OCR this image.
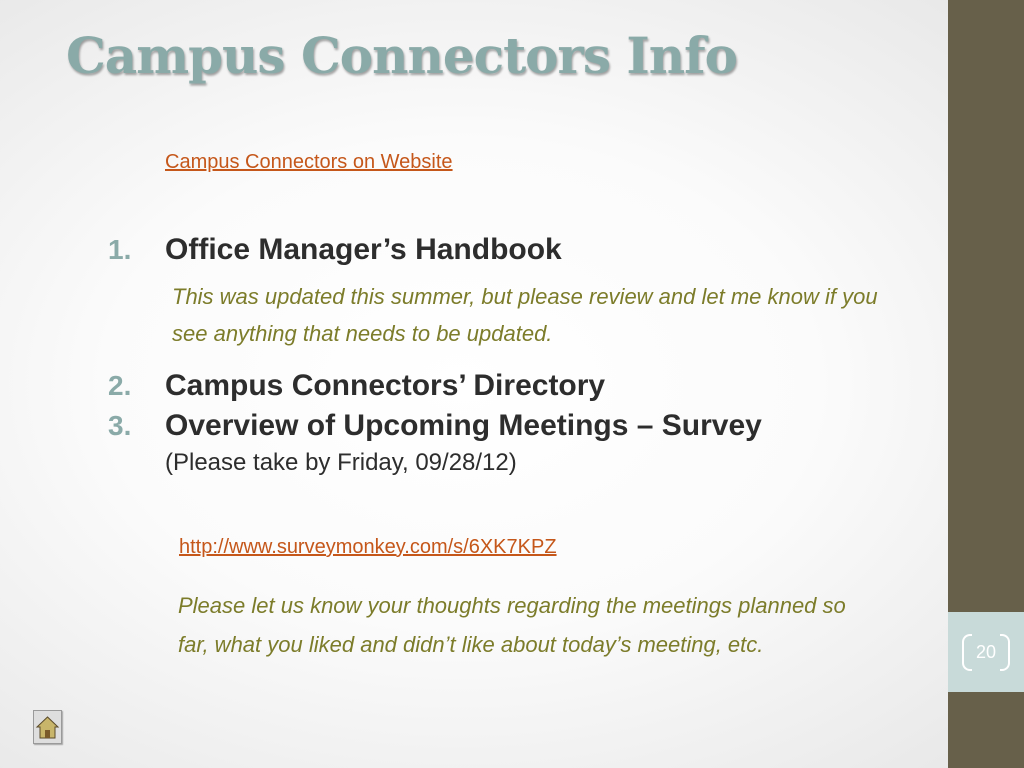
Campus Connectors Info
Campus Connectors on Website
1.	Office Manager’s Handbook
This was updated this summer, but please review and let me know if you see anything that needs to be updated.
2.	Campus Connectors’ Directory
3.	Overview of Upcoming Meetings – Survey
(Please take by Friday, 09/28/12)
http://www.surveymonkey.com/s/6XK7KPZ
Please let us know your thoughts regarding the meetings planned so far, what you liked and didn’t like about today’s meeting, etc.	20
